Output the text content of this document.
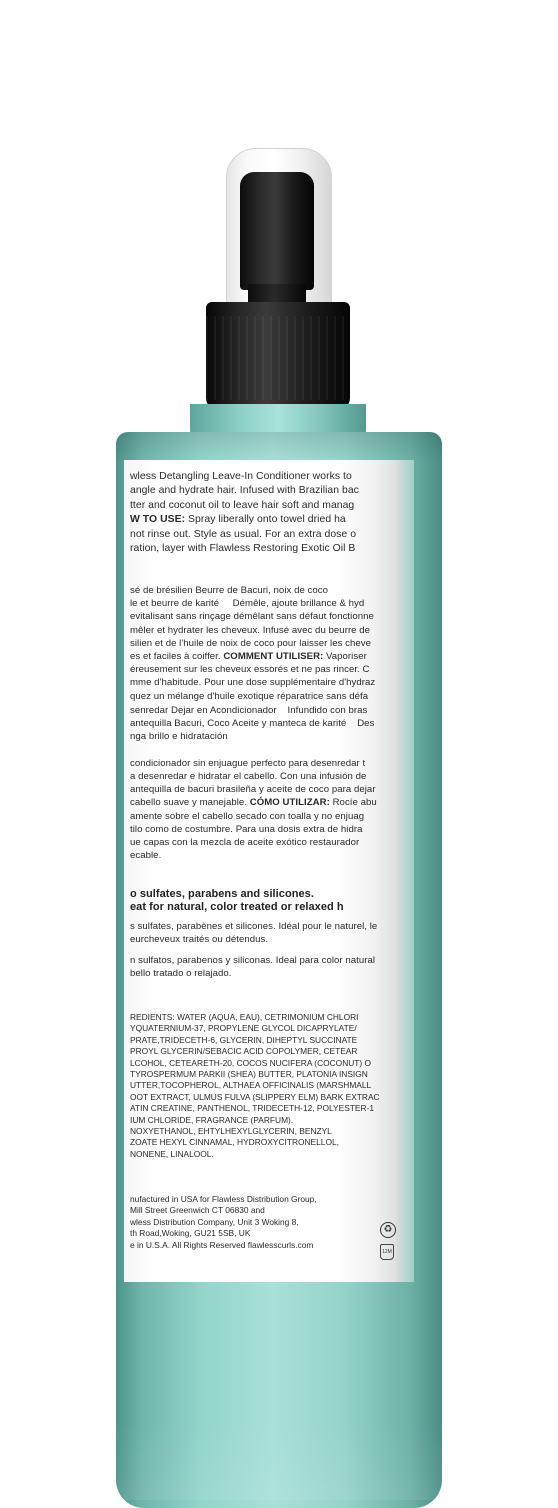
wless Detangling Leave-In Conditioner works to
angle and hydrate hair. Infused with Brazilian bac
tter and coconut oil to leave hair soft and manag
W TO USE: Spray liberally onto towel dried ha
not rinse out. Style as usual. For an extra dose o
ration, layer with Flawless Restoring Exotic Oil B
sé de brésilien Beurre de Bacuri, noix de coco
le et beurre de karité     Démêle, ajoute brillance & hyd
evitalisant sans rinçage démêlant sans défaut fonctionne
mêler et hydrater les cheveux. Infusé avec du beurre de
silien et de l'huile de noix de coco pour laisser les cheve
es et faciles à coiffer. COMMENT UTILISER: Vaporiser
éreusement sur les cheveux essorés et ne pas rincer. C
mme d'habitude. Pour une dose supplémentaire d'hydraz
quez un mélange d'huile exotique réparatrice sans défa
senredar Dejar en Acondicionador    Infundido con bras
antequilla Bacuri, Coco Aceite y manteca de karité    Des
nga brillo e hidratación

condicionador sin enjuague perfecto para desenredar t
a desenredar e hidratar el cabello. Con una infusión de
antequilla de bacuri brasileña y aceite de coco para dejar
cabello suave y manejable. CÓMO UTILIZAR: Rocíe abu
amente sobre el cabello secado con toalla y no enjuag
tilo como de costumbre. Para una dosis extra de hidra
ue capas con la mezcla de aceite exótico restaurador
ecable.
o sulfates, parabens and silicones.
eat for natural, color treated or relaxed h
s sulfates, parabènes et silicones. Idéal pour le naturel, le
eurcheveux traités ou détendus.
n sulfatos, parabenos y siliconas. Ideal para color natural
bello tratado o relajado.
REDIENTS: WATER (AQUA, EAU), CETRIMONIUM CHLORI
YQUATERNIUM-37, PROPYLENE GLYCOL DICAPRYLATE/
PRATE,TRIDECETH-6, GLYCERIN, DIHEPTYL SUCCINATE
PROYL GLYCERIN/SEBACIC ACID COPOLYMER, CETEAR
LCOHOL, CETEARETH-20, COCOS NUCIFERA (COCONUT) O
TYROSPERMUM PARKII (SHEA) BUTTER, PLATONIA INSIGN
UTTER,TOCOPHEROL, ALTHAEA OFFICINALIS (MARSHMALL
OOT EXTRACT, ULMUS FULVA (SLIPPERY ELM) BARK EXTRAC
ATIN CREATINE, PANTHENOL, TRIDECETH-12, POLYESTER-1
IUM CHLORIDE, FRAGRANCE (PARFUM).
NOXYETHANOL, EHTYLHEXYLGLYCERIN, BENZYL
ZOATE HEXYL CINNAMAL, HYDROXYCITRONELLOL,
NONENE, LINALOOL.
nufactured in USA for Flawless Distribution Group,
Mill Street Greenwich CT 06830 and
wless Distribution Company, Unit 3 Woking 8,
th Road,Woking, GU21 5SB, UK
e in U.S.A. All Rights Reserved flawlesscurls.com
♻
12M
